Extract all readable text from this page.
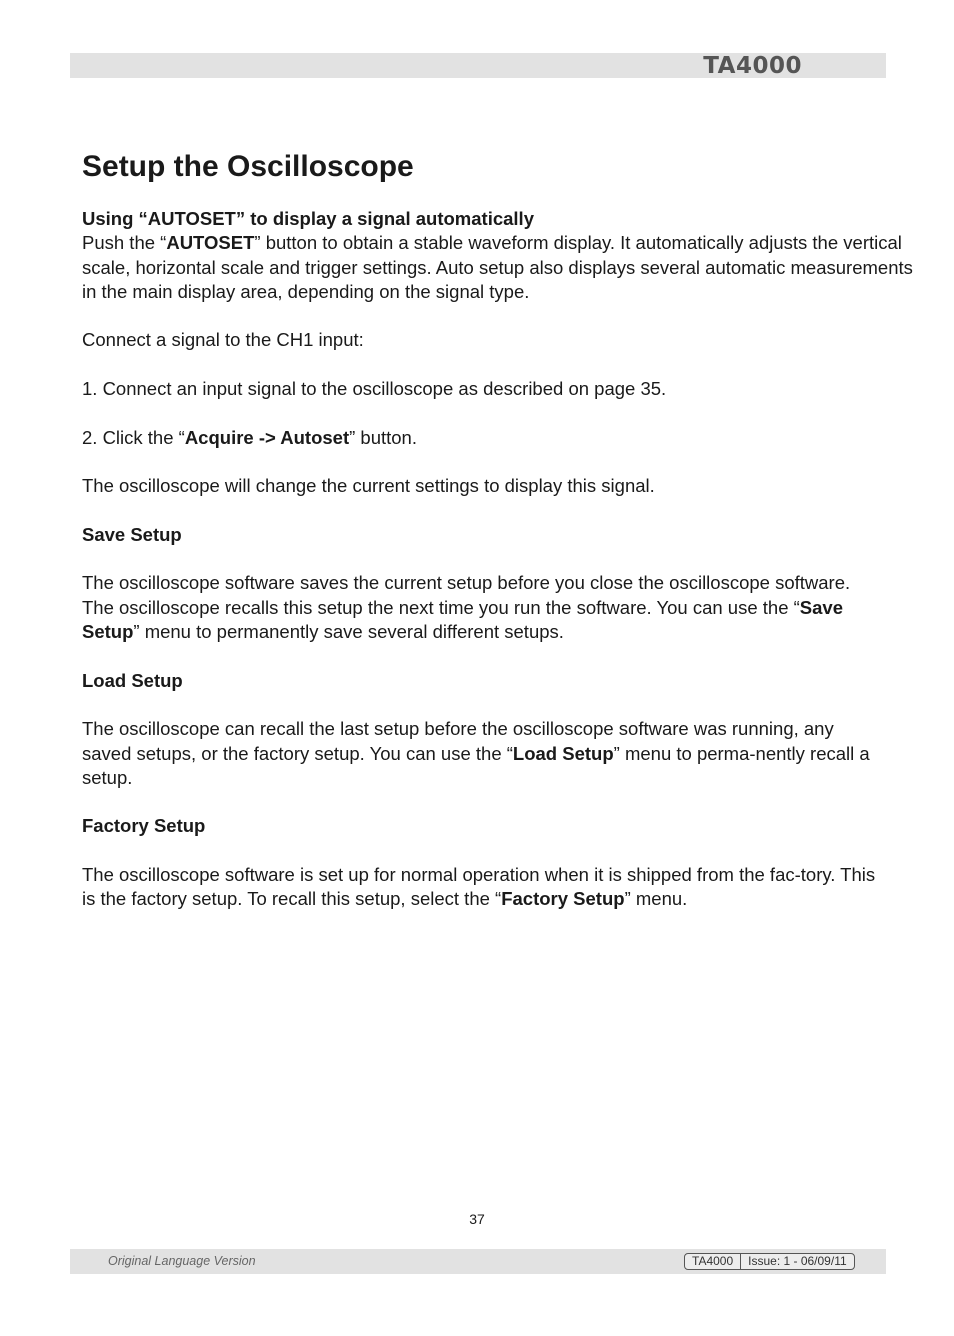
TA4000
Setup the Oscilloscope

Using “AUTOSET” to display a signal automatically

Push the “AUTOSET” button to obtain a stable waveform display. It automatically adjusts the vertical scale, horizontal scale and trigger settings. Auto setup also displays several automatic measurements in the main display area, depending on the signal type.

Connect a signal to the CH1 input:

1. Connect an input signal to the oscilloscope as described on page 35.

2. Click the “Acquire -> Autoset” button.

The oscilloscope will change the current settings to display this signal.

Save Setup

The oscilloscope software saves the current setup before you close the oscilloscope software. The oscilloscope recalls this setup the next time you run the software. You can use the “Save Setup” menu to permanently save several different setups.

Load Setup

The oscilloscope can recall the last setup before the oscilloscope software was running, any saved setups, or the factory setup. You can use the “Load Setup” menu to perma-nently recall a setup.

Factory Setup

The oscilloscope software is set up for normal operation when it is shipped from the fac-tory. This is the factory setup. To recall this setup, select the “Factory Setup” menu.

37
Original Language Version	TA4000	Issue: 1 - 06/09/11
